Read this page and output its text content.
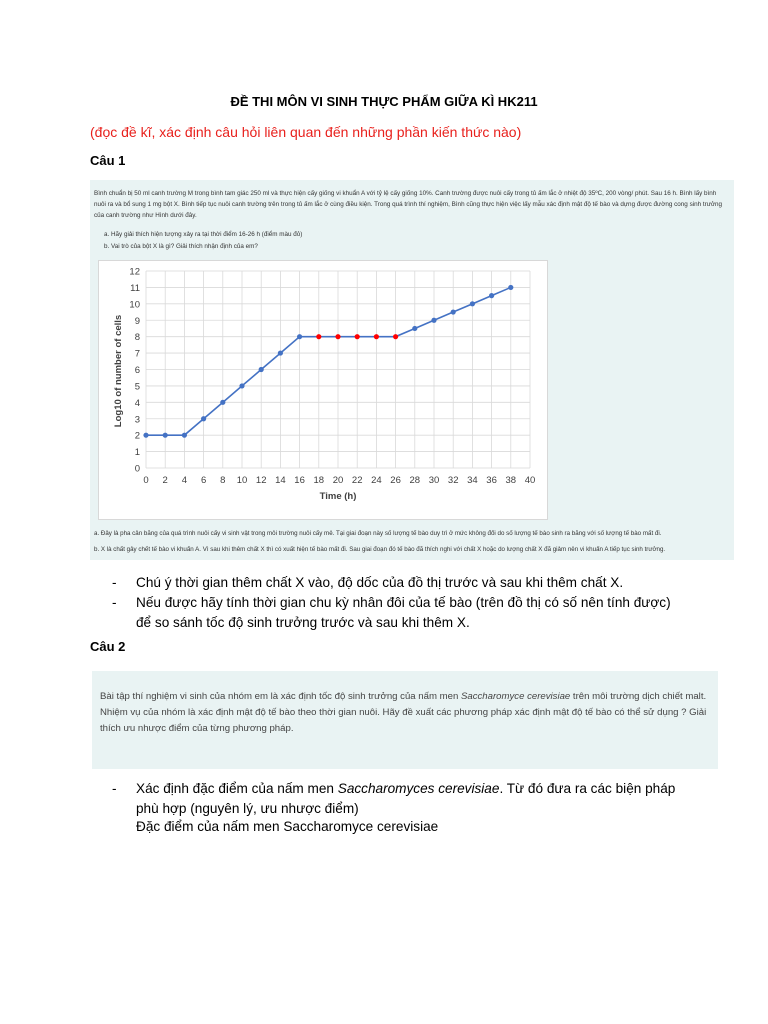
ĐỀ THI MÔN VI SINH THỰC PHẨM GIỮA KÌ HK211
(đọc đề kĩ, xác định câu hỏi liên quan đến những phần kiến thức nào)
Câu 1
Bình chuẩn bị 50 ml canh trường M trong bình tam giác 250 ml và thực hiện cấy giống vi khuẩn A với tỷ lệ cấy giống 10%. Canh trường được nuôi cấy trong tủ ấm lắc ở nhiệt độ 35ºC, 200 vòng/ phút. Sau 16 h. Bình lấy bình nuôi ra và bổ sung 1 mg bột X. Bình tiếp tục nuôi canh trường trên trong tủ ấm lắc ở cùng điều kiện. Trong quá trình thí nghiệm, Bình cũng thực hiện việc lấy mẫu xác định mật độ tế bào và dựng được đường cong sinh trưởng của canh trường như Hình dưới đây.
a. Hãy giải thích hiện tượng xảy ra tại thời điểm 16-26 h (điểm màu đỏ)
b. Vai trò của bột X là gì? Giải thích nhận định của em?
0 2 4 6 8 10 12 14 16 18 20 22 24 26 28 30 32 34 36 38 40
0
1
2
3
4
5
6
7
8
9
10
11
12
Time (h)
Log10 of number of cells
a. Đây là pha cân bằng của quá trình nuôi cấy vi sinh vật trong môi trường nuôi cấy mẻ. Tại giai đoạn này số lượng tế bào duy trì ở mức không đổi do số lượng tế bào sinh ra bằng với số lượng tế bào mất đi.
b. X là chất gây chết tế bào vi khuẩn A. Vì sau khi thêm chất X thì có xuất hiện tế bào mất đi. Sau giai đoạn đó tế bào đã thích nghi với chất X hoặc do lượng chất X đã giảm nên vi khuẩn A tiếp tục sinh trưởng.
- Chú ý thời gian thêm chất X vào, độ dốc của đồ thị trước và sau khi thêm chất X.
- Nếu được hãy tính thời gian chu kỳ nhân đôi của tế bào (trên đồ thị có số nên tính được) để so sánh tốc độ sinh trưởng trước và sau khi thêm X.
Câu 2
Bài tập thí nghiệm vi sinh của nhóm em là xác định tốc độ sinh trưởng của nấm men Saccharomyce cerevisiae trên môi trường dịch chiết malt. Nhiệm vụ của nhóm là xác định mật độ tế bào theo thời gian nuôi. Hãy đề xuất các phương pháp xác định mật độ tế bào có thể sử dụng ? Giải thích ưu nhược điểm của từng phương pháp.
- Xác định đặc điểm của nấm men Saccharomyces cerevisiae. Từ đó đưa ra các biện pháp phù hợp (nguyên lý, ưu nhược điểm)
Đặc điểm của nấm men Saccharomyce cerevisiae
